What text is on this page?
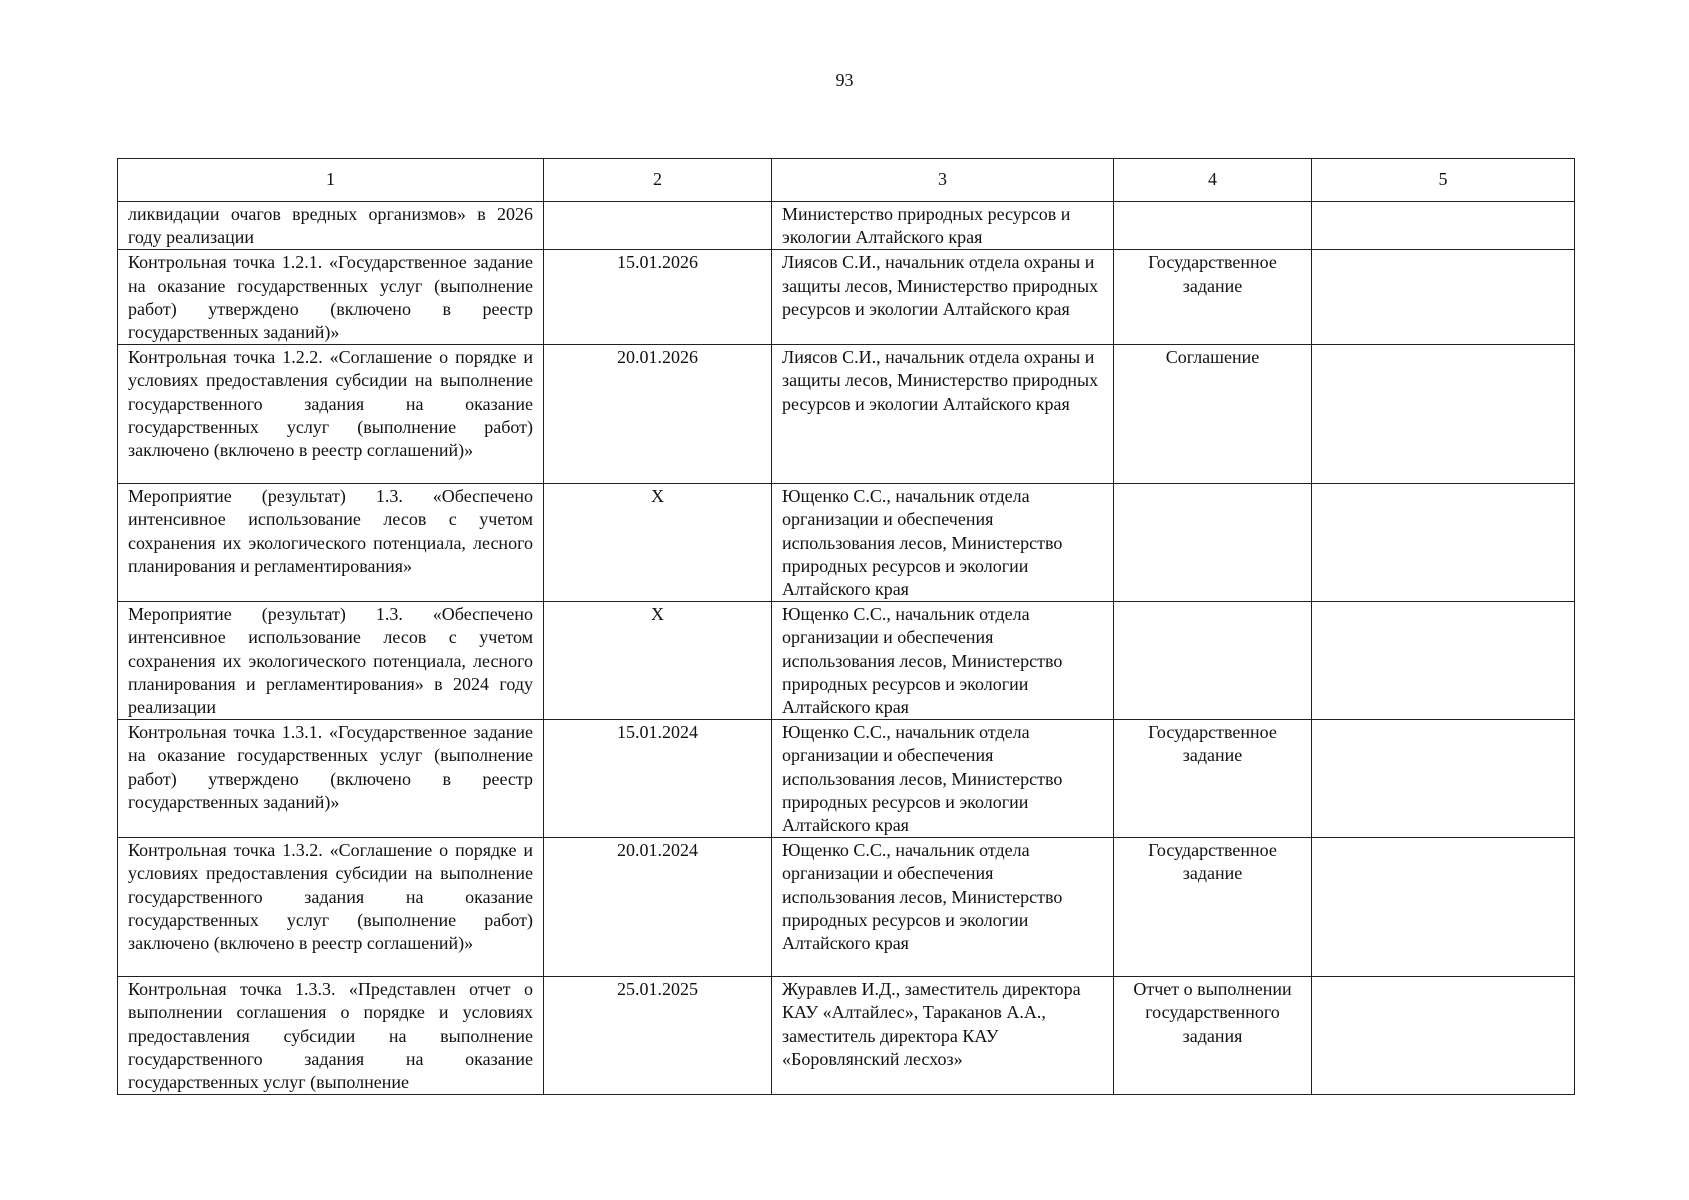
93
1	2	3	4	5
ликвидации очагов вредных организмов» в 2026 году реализации		Министерство природных ресурсов и экологии Алтайского края		
Контрольная точка 1.2.1. «Государственное задание на оказание государственных услуг (выполнение работ) утверждено (включено в реестр государственных заданий)»	15.01.2026	Лиясов С.И., начальник отдела охраны и защиты лесов, Министерство природных ресурсов и экологии Алтайского края	Государственное задание	
Контрольная точка 1.2.2. «Соглашение о порядке и условиях предоставления субсидии на выполнение государственного задания на оказание государственных услуг (выполнение работ) заключено (включено в реестр соглашений)»	20.01.2026	Лиясов С.И., начальник отдела охраны и защиты лесов, Министерство природных ресурсов и экологии Алтайского края	Соглашение	
Мероприятие (результат) 1.3. «Обеспечено интенсивное использование лесов с учетом сохранения их экологического потенциала, лесного планирования и регламентирования»	Х	Ющенко С.С., начальник отдела организации и обеспечения использования лесов, Министерство природных ресурсов и экологии Алтайского края		
Мероприятие (результат) 1.3. «Обеспечено интенсивное использование лесов с учетом сохранения их экологического потенциала, лесного планирования и регламентирования» в 2024 году реализации	Х	Ющенко С.С., начальник отдела организации и обеспечения использования лесов, Министерство природных ресурсов и экологии Алтайского края		
Контрольная точка 1.3.1. «Государственное задание на оказание государственных услуг (выполнение работ) утверждено (включено в реестр государственных заданий)»	15.01.2024	Ющенко С.С., начальник отдела организации и обеспечения использования лесов, Министерство природных ресурсов и экологии Алтайского края	Государственное задание	
Контрольная точка 1.3.2. «Соглашение о порядке и условиях предоставления субсидии на выполнение государственного задания на оказание государственных услуг (выполнение работ) заключено (включено в реестр соглашений)»	20.01.2024	Ющенко С.С., начальник отдела организации и обеспечения использования лесов, Министерство природных ресурсов и экологии Алтайского края	Государственное задание	
Контрольная точка 1.3.3. «Представлен отчет о выполнении соглашения о порядке и условиях предоставления субсидии на выполнение государственного задания на оказание государственных услуг (выполнение	25.01.2025	Журавлев И.Д., заместитель директора КАУ «Алтайлес», Тараканов А.А., заместитель директора КАУ «Боровлянский лесхоз»	Отчет о выполнении государственного задания	
